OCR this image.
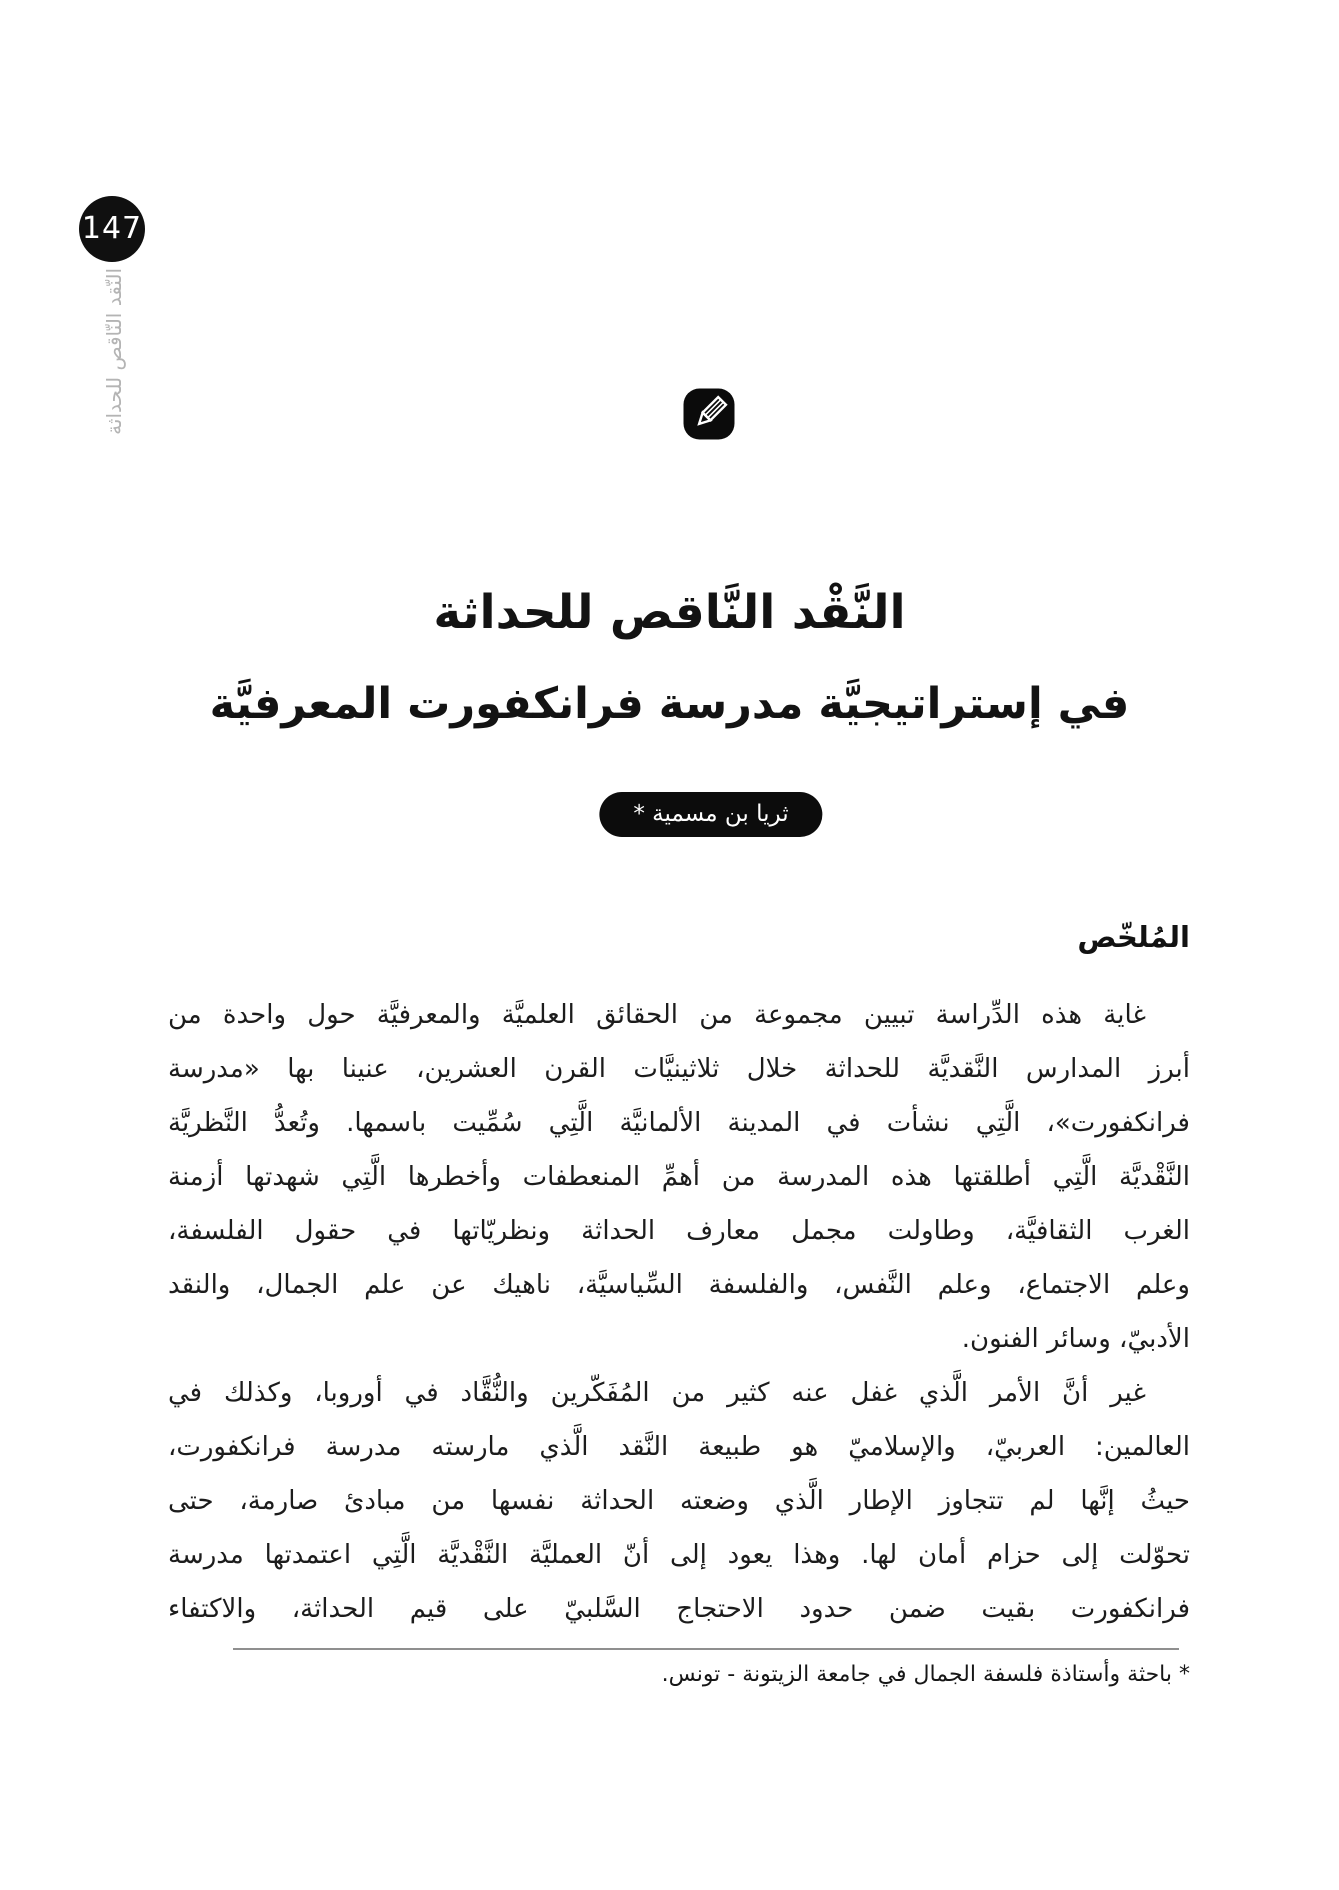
147
النّقد النّاقص للحداثة
النَّقْد النَّاقص للحداثة
في إستراتيجيَّة مدرسة فرانكفورت المعرفيَّة
ثريا بن مسمية *
المُلخّص
غاية هذه الدِّراسة تبيين مجموعة من الحقائق العلميَّة والمعرفيَّة حول واحدة من
أبرز المدارس النَّقديَّة للحداثة خلال ثلاثينيَّات القرن العشرين، عنينا بها «مدرسة
فرانكفورت»، الَّتِي نشأت في المدينة الألمانيَّة الَّتِي سُمِّيت باسمها. وتُعدُّ النَّظريَّة
النَّقْديَّة الَّتِي أطلقتها هذه المدرسة من أهمِّ المنعطفات وأخطرها الَّتِي شهدتها أزمنة
الغرب الثقافيَّة، وطاولت مجمل معارف الحداثة ونظريّاتها في حقول الفلسفة،
وعلم الاجتماع، وعلم النَّفس، والفلسفة السِّياسيَّة، ناهيك عن علم الجمال، والنقد
الأدبيّ، وسائر الفنون.
غير أنَّ الأمر الَّذي غفل عنه كثير من المُفَكّرين والنُّقَّاد في أوروبا، وكذلك في
العالمين: العربيّ، والإسلاميّ هو طبيعة النَّقد الَّذي مارسته مدرسة فرانكفورت،
حيثُ إنَّها لم تتجاوز الإطار الَّذي وضعته الحداثة نفسها من مبادئ صارمة، حتى
تحوّلت إلى حزام أمان لها. وهذا يعود إلى أنّ العمليَّة النَّقْديَّة الَّتِي اعتمدتها مدرسة
فرانكفورت بقيت ضمن حدود الاحتجاج السَّلبيّ على قيم الحداثة، والاكتفاء
* باحثة وأستاذة فلسفة الجمال في جامعة الزيتونة - تونس.
